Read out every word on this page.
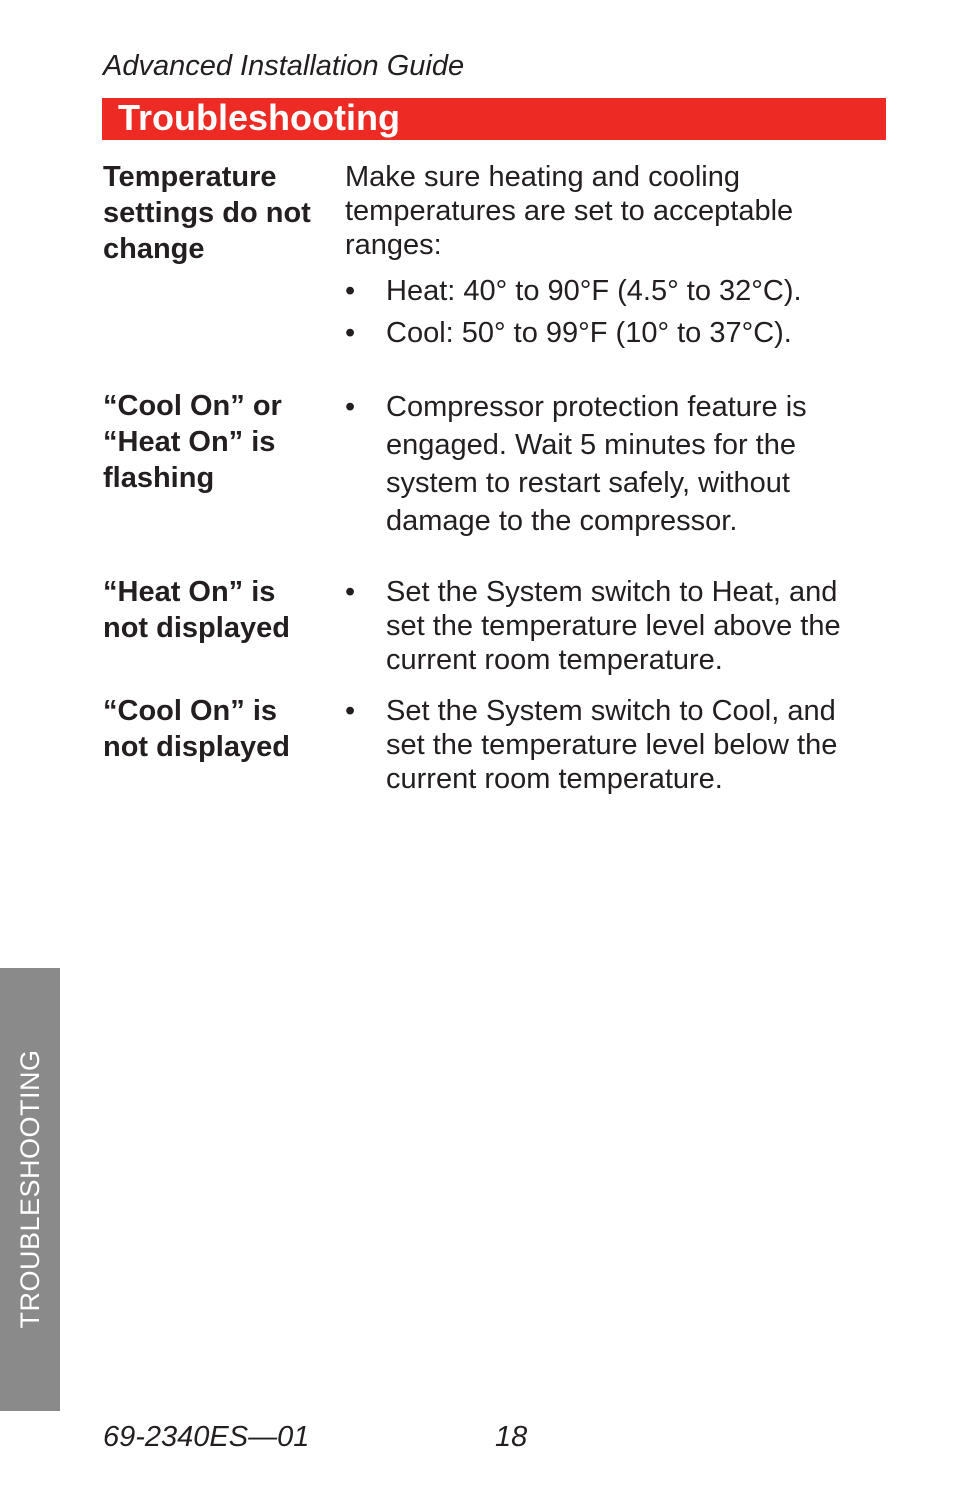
Advanced Installation Guide
Troubleshooting
Temperature
settings do not
change
Make sure heating and cooling
temperatures are set to acceptable
ranges:
• Heat: 40° to 90°F (4.5° to 32°C).
• Cool: 50° to 99°F (10° to 37°C).
“Cool On” or
“Heat On” is
flashing
• Compressor protection feature is
engaged. Wait 5 minutes for the
system to restart safely, without
damage to the compressor.
“Heat On” is
not displayed
• Set the System switch to Heat, and
set the temperature level above the
current room temperature.
“Cool On” is
not displayed
• Set the System switch to Cool, and
set the temperature level below the
current room temperature.
TROUBLESHOOTING
69-2340ES—01	18
